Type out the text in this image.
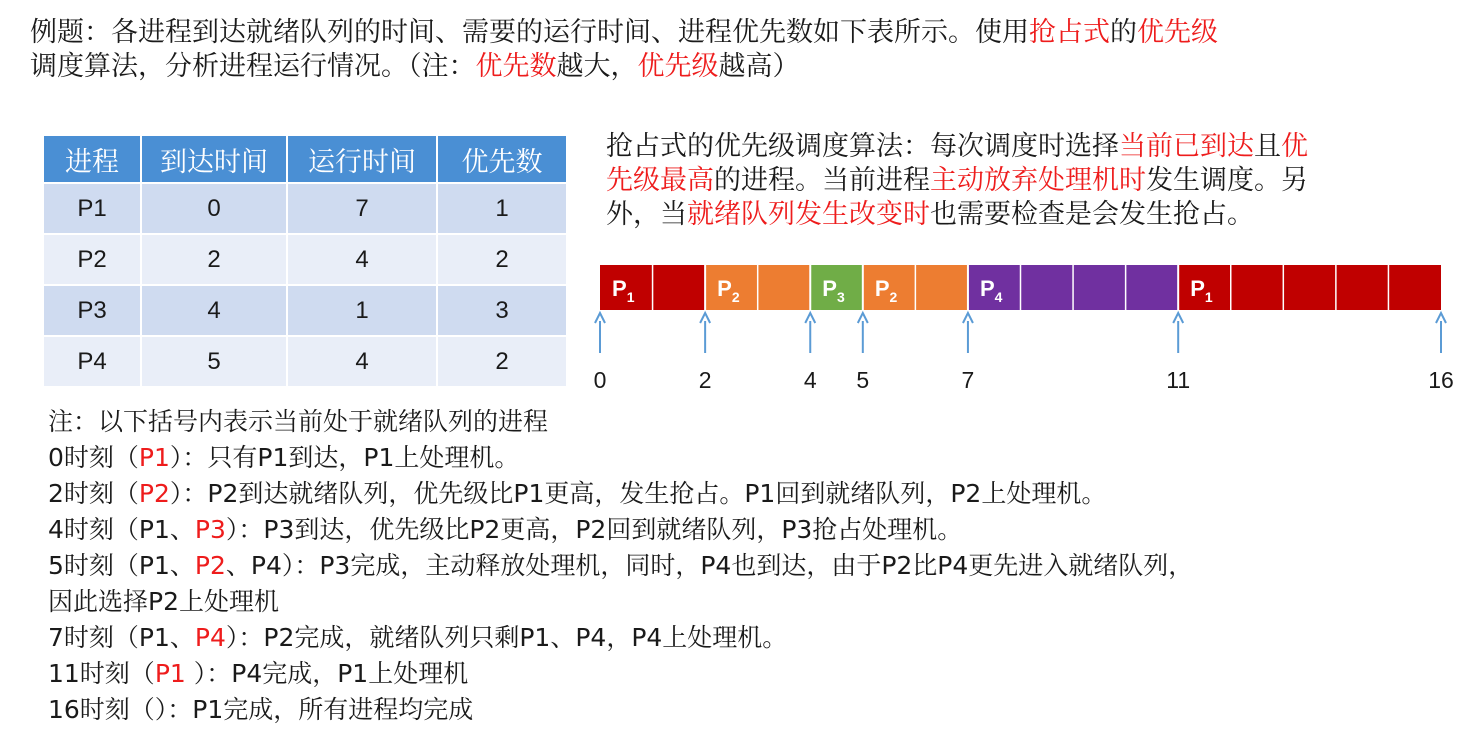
例题：各进程到达就绪队列的时间、需要的运行时间、进程优先数如下表所示。使用抢占式的优先级

调度算法，分析进程运行情况。（注：优先数越大，优先级越高）

进程	到达时间	运行时间	优先数
P1	0	7	1
P2	2	4	2
P3	4	1	3
P4	5	4	2

抢占式的优先级调度算法：每次调度时选择当前已到达且优

先级最高的进程。当前进程主动放弃处理机时发生调度。另

外，当就绪队列发生改变时也需要检查是会发生抢占。

$P_1$	$P_2$	$P_3$ $P_2$	$P_4$	$P_1$
0	2	4 5	7	11	16

注：以下括号内表示当前处于就绪队列的进程

0时刻（P1）：只有P1到达，P1上处理机。

2时刻（P2）：P2到达就绪队列，优先级比P1更高，发生抢占。P1回到就绪队列，P2上处理机。

4时刻（P1、P3）：P3到达，优先级比P2更高，P2回到就绪队列，P3抢占处理机。

5时刻（P1、P2、P4）：P3完成，主动释放处理机，同时，P4也到达，由于P2比P4更先进入就绪队列，

因此选择P2上处理机

7时刻（P1、P4）：P2完成，就绪队列只剩P1、P4，P4上处理机。

11时刻（P1 ）：P4完成，P1上处理机

16时刻（）：P1完成，所有进程均完成
